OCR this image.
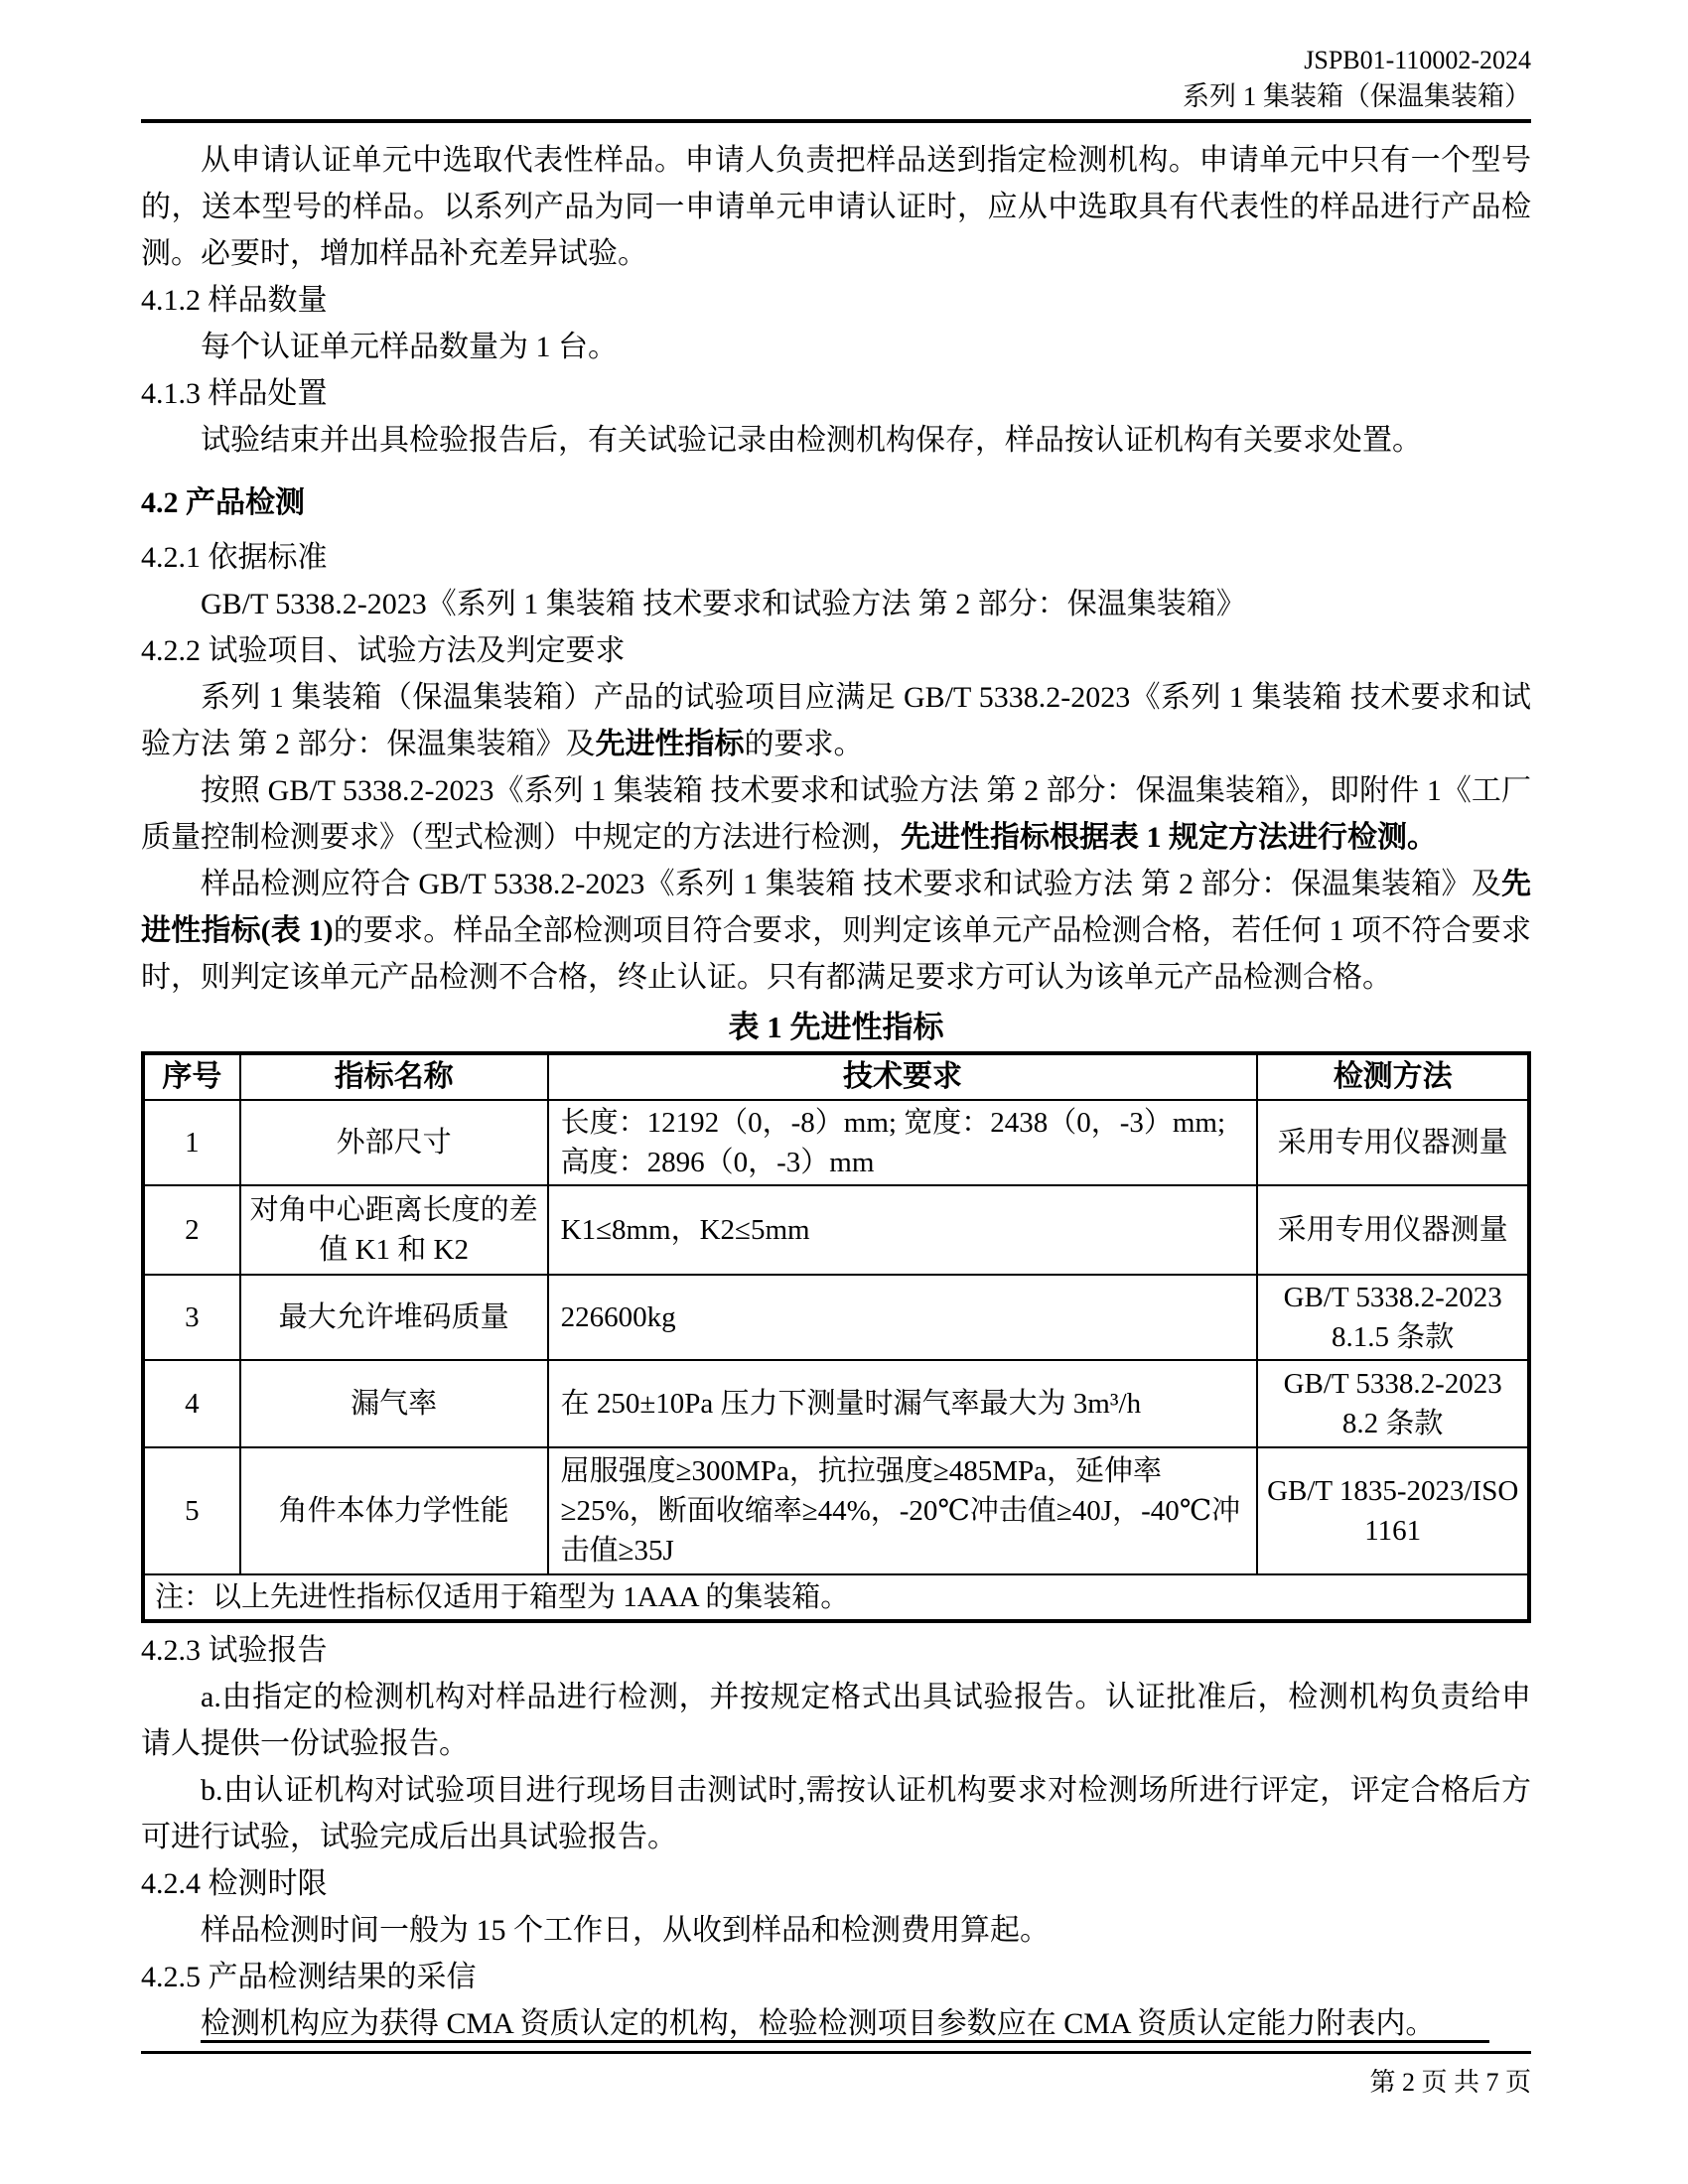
JSPB01-110002-2024
系列 1 集装箱（保温集装箱）

从申请认证单元中选取代表性样品。申请人负责把样品送到指定检测机构。申请单元中只有一个型号的，送本型号的样品。以系列产品为同一申请单元申请认证时，应从中选取具有代表性的样品进行产品检测。必要时，增加样品补充差异试验。

4.1.2 样品数量

每个认证单元样品数量为 1 台。

4.1.3 样品处置

试验结束并出具检验报告后，有关试验记录由检测机构保存，样品按认证机构有关要求处置。

4.2 产品检测

4.2.1 依据标准

GB/T 5338.2-2023《系列 1 集装箱 技术要求和试验方法 第 2 部分：保温集装箱》

4.2.2 试验项目、试验方法及判定要求

系列 1 集装箱（保温集装箱）产品的试验项目应满足 GB/T 5338.2-2023《系列 1 集装箱 技术要求和试验方法 第 2 部分：保温集装箱》及先进性指标的要求。

按照 GB/T 5338.2-2023《系列 1 集装箱 技术要求和试验方法 第 2 部分：保温集装箱》，即附件 1《工厂质量控制检测要求》（型式检测）中规定的方法进行检测，先进性指标根据表 1 规定方法进行检测。

样品检测应符合 GB/T 5338.2-2023《系列 1 集装箱 技术要求和试验方法 第 2 部分：保温集装箱》及先进性指标(表 1)的要求。样品全部检测项目符合要求，则判定该单元产品检测合格，若任何 1 项不符合要求时，则判定该单元产品检测不合格，终止认证。只有都满足要求方可认为该单元产品检测合格。

表 1 先进性指标
序号	指标名称	技术要求	检测方法
1	外部尺寸	长度：12192（0，-8）mm; 宽度：2438（0，-3）mm; 高度：2896（0，-3）mm	采用专用仪器测量
2	对角中心距离长度的差值 K1 和 K2	K1≤8mm，K2≤5mm	采用专用仪器测量
3	最大允许堆码质量	226600kg	GB/T 5338.2-2023 8.1.5 条款
4	漏气率	在 250±10Pa 压力下测量时漏气率最大为 3m³/h	GB/T 5338.2-2023 8.2 条款
5	角件本体力学性能	屈服强度≥300MPa，抗拉强度≥485MPa，延伸率≥25%，断面收缩率≥44%，-20℃冲击值≥40J，-40℃冲击值≥35J	GB/T 1835-2023/ISO 1161
注：以上先进性指标仅适用于箱型为 1AAA 的集装箱。			

4.2.3 试验报告

a.由指定的检测机构对样品进行检测，并按规定格式出具试验报告。认证批准后，检测机构负责给申请人提供一份试验报告。

b.由认证机构对试验项目进行现场目击测试时,需按认证机构要求对检测场所进行评定，评定合格后方可进行试验，试验完成后出具试验报告。

4.2.4 检测时限

样品检测时间一般为 15 个工作日，从收到样品和检测费用算起。

4.2.5 产品检测结果的采信

检测机构应为获得 CMA 资质认定的机构，检验检测项目参数应在 CMA 资质认定能力附表内。

第 2 页 共 7 页
